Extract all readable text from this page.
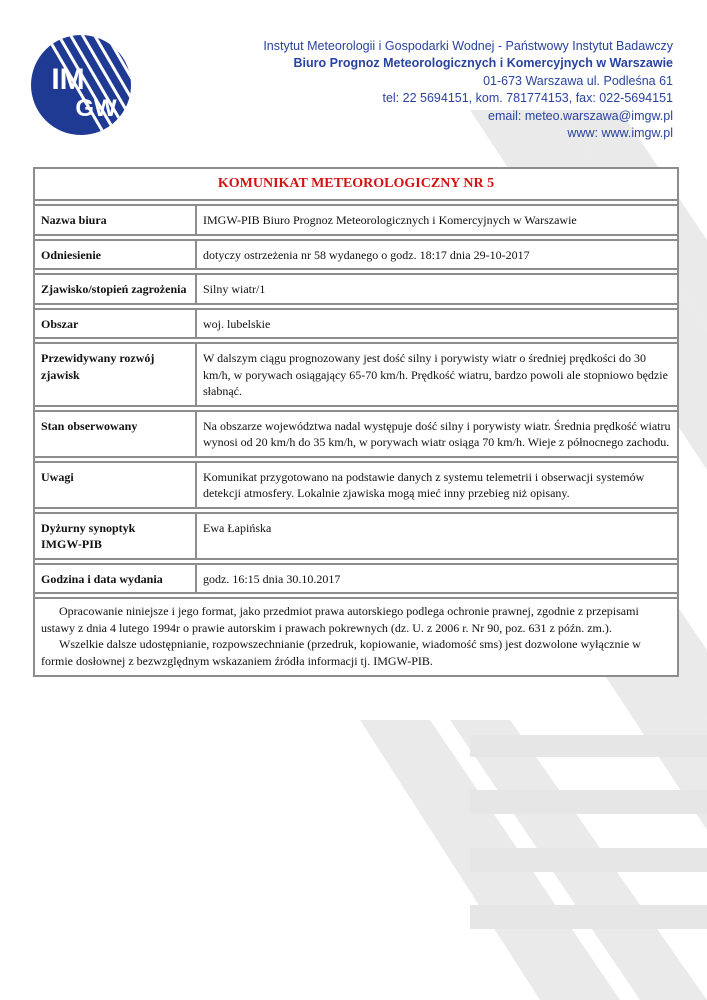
IM
GW
Instytut Meteorologii i Gospodarki Wodnej - Państwowy Instytut Badawczy
Biuro Prognoz Meteorologicznych i Komercyjnych w Warszawie
01-673 Warszawa ul. Podleśna 61
tel: 22 5694151, kom. 781774153, fax: 022-5694151
email: meteo.warszawa@imgw.pl
www: www.imgw.pl
KOMUNIKAT METEOROLOGICZNY NR 5	

Nazwa biura	IMGW-PIB Biuro Prognoz Meteorologicznych i Komercyjnych w Warszawie

Odniesienie	dotyczy ostrzeżenia nr 58 wydanego o godz. 18:17 dnia 29-10-2017

Zjawisko/stopień zagrożenia	Silny wiatr/1

Obszar	woj. lubelskie

Przewidywany rozwój zjawisk	W dalszym ciągu prognozowany jest dość silny i porywisty wiatr o średniej prędkości do 30 km/h, w porywach osiągający 65-70 km/h. Prędkość wiatru, bardzo powoli ale stopniowo będzie słabnąć.

Stan obserwowany	Na obszarze województwa nadal występuje dość silny i porywisty wiatr. Średnia prędkość wiatru wynosi od 20 km/h do 35 km/h, w porywach wiatr osiąga 70 km/h. Wieje z północnego zachodu.

Uwagi	Komunikat przygotowano na podstawie danych z systemu telemetrii i obserwacji systemów detekcji atmosfery. Lokalnie zjawiska mogą mieć inny przebieg niż opisany.

Dyżurny synoptyk
IMGW-PIB	Ewa Łapińska

Godzina i data wydania	godz. 16:15 dnia 30.10.2017

Opracowanie niniejsze i jego format, jako przedmiot prawa autorskiego podlega ochronie prawnej, zgodnie z przepisami ustawy z dnia 4 lutego 1994r o prawie autorskim i prawach pokrewnych (dz. U. z 2006 r. Nr 90, poz. 631 z późn. zm.).

Wszelkie dalsze udostępnianie, rozpowszechnianie (przedruk, kopiowanie, wiadomość sms) jest dozwolone wyłącznie w formie dosłownej z bezwzględnym wskazaniem źródła informacji tj. IMGW-PIB.
